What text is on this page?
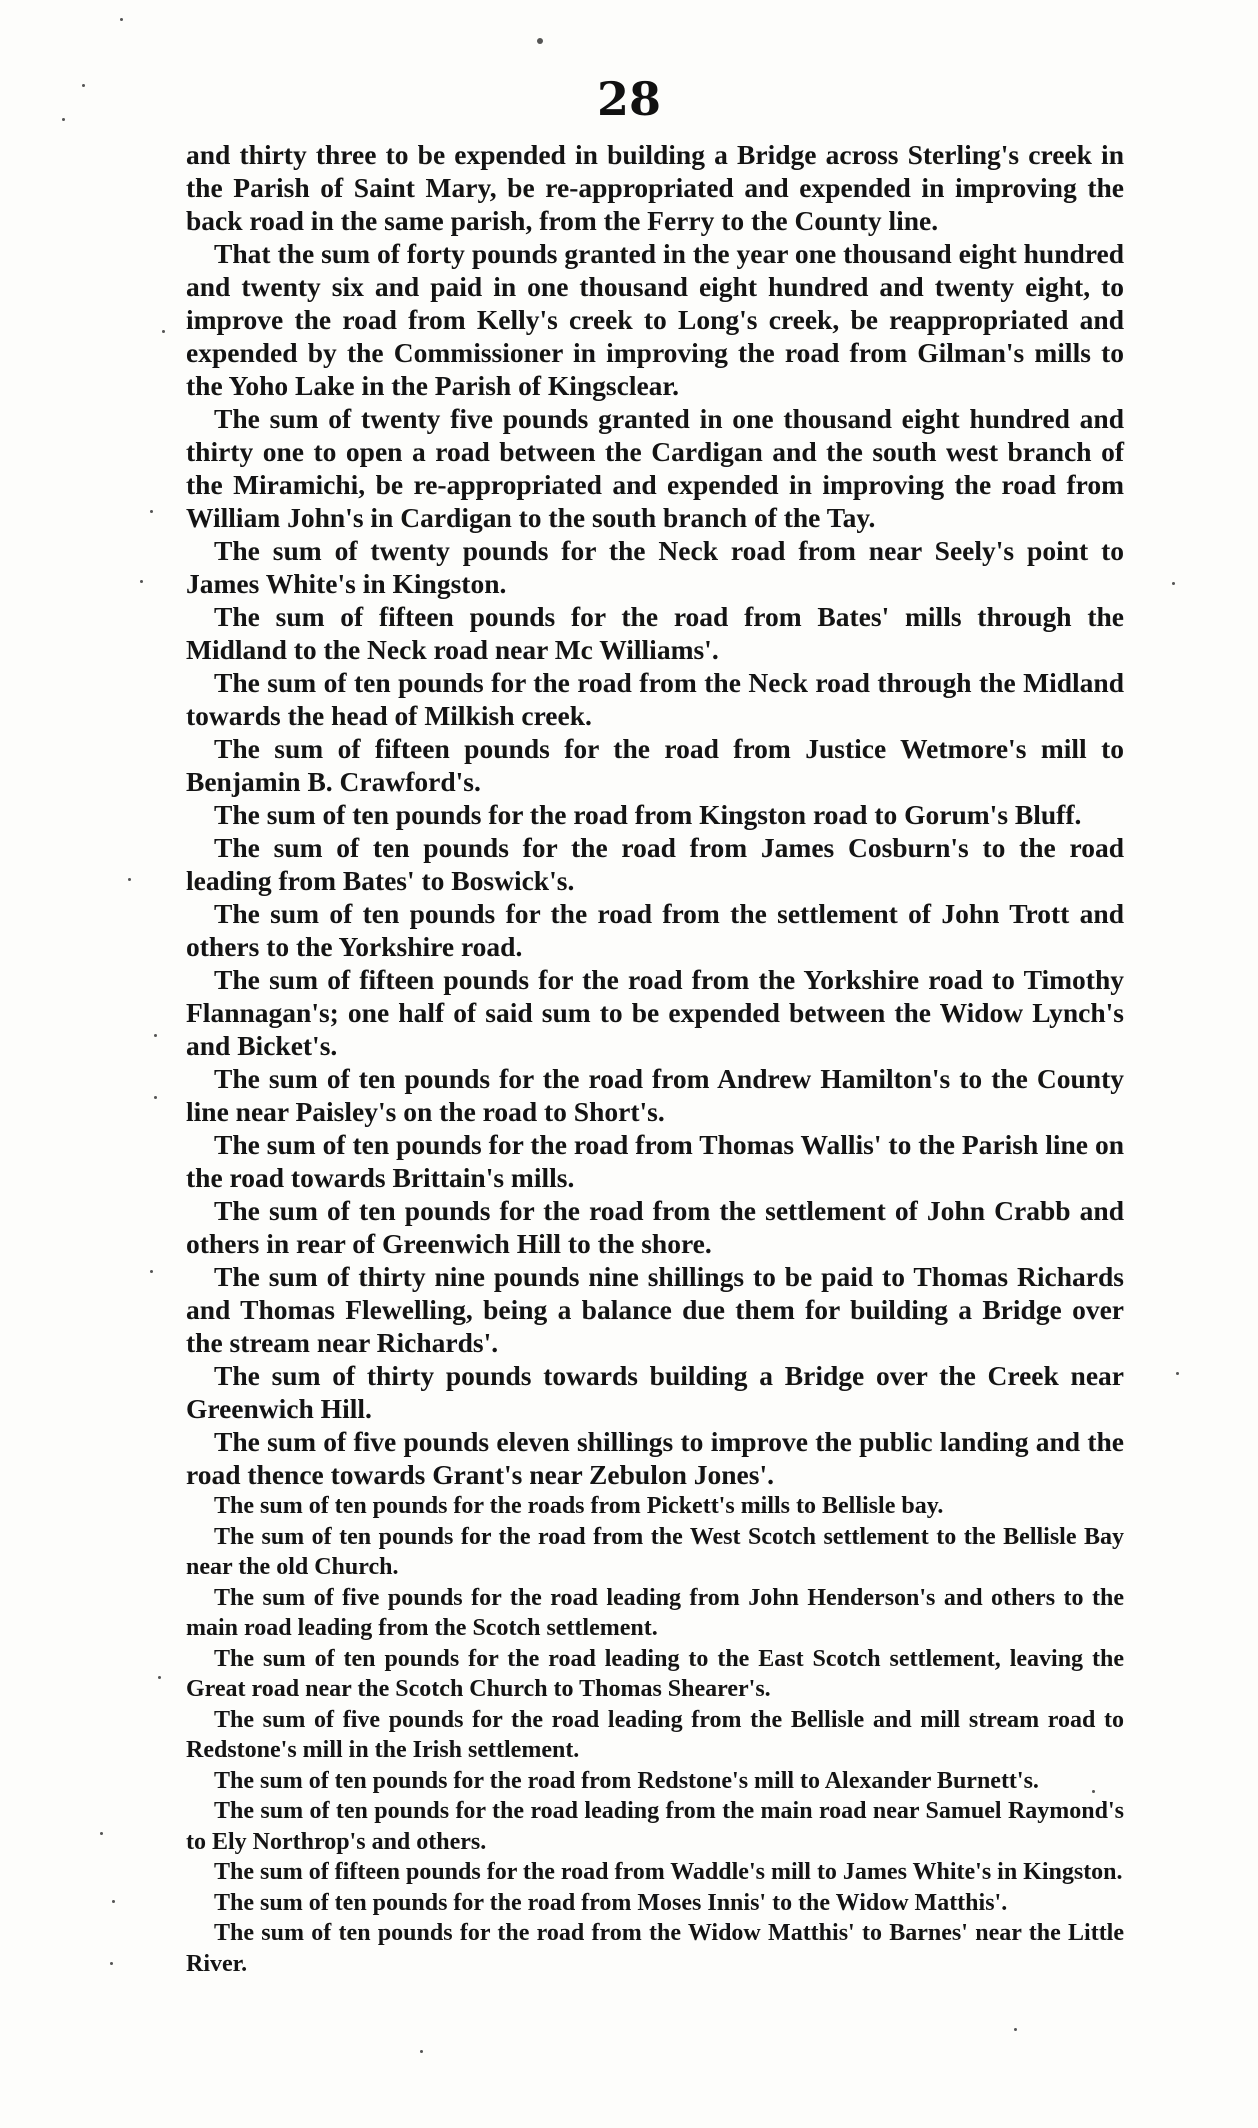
28

and thirty three to be expended in building a Bridge across Sterling's creek in the Parish of Saint Mary, be re-appropriated and expended in improving the back road in the same parish, from the Ferry to the County line.

That the sum of forty pounds granted in the year one thousand eight hundred and twenty six and paid in one thousand eight hundred and twenty eight, to improve the road from Kelly's creek to Long's creek, be reappropriated and expended by the Commissioner in improving the road from Gilman's mills to the Yoho Lake in the Parish of Kingsclear.

The sum of twenty five pounds granted in one thousand eight hundred and thirty one to open a road between the Cardigan and the south west branch of the Miramichi, be re-appropriated and expended in improving the road from William John's in Cardigan to the south branch of the Tay.

The sum of twenty pounds for the Neck road from near Seely's point to James White's in Kingston.

The sum of fifteen pounds for the road from Bates' mills through the Midland to the Neck road near Mc Williams'.

The sum of ten pounds for the road from the Neck road through the Midland towards the head of Milkish creek.

The sum of fifteen pounds for the road from Justice Wetmore's mill to Benjamin B. Crawford's.

The sum of ten pounds for the road from Kingston road to Gorum's Bluff.

The sum of ten pounds for the road from James Cosburn's to the road leading from Bates' to Boswick's.

The sum of ten pounds for the road from the settlement of John Trott and others to the Yorkshire road.

The sum of fifteen pounds for the road from the Yorkshire road to Timothy Flannagan's; one half of said sum to be expended between the Widow Lynch's and Bicket's.

The sum of ten pounds for the road from Andrew Hamilton's to the County line near Paisley's on the road to Short's.

The sum of ten pounds for the road from Thomas Wallis' to the Parish line on the road towards Brittain's mills.

The sum of ten pounds for the road from the settlement of John Crabb and others in rear of Greenwich Hill to the shore.

The sum of thirty nine pounds nine shillings to be paid to Thomas Richards and Thomas Flewelling, being a balance due them for building a Bridge over the stream near Richards'.

The sum of thirty pounds towards building a Bridge over the Creek near Greenwich Hill.

The sum of five pounds eleven shillings to improve the public landing and the road thence towards Grant's near Zebulon Jones'.

The sum of ten pounds for the roads from Pickett's mills to Bellisle bay.

The sum of ten pounds for the road from the West Scotch settlement to the Bellisle Bay near the old Church.

The sum of five pounds for the road leading from John Henderson's and others to the main road leading from the Scotch settlement.

The sum of ten pounds for the road leading to the East Scotch settlement, leaving the Great road near the Scotch Church to Thomas Shearer's.

The sum of five pounds for the road leading from the Bellisle and mill stream road to Redstone's mill in the Irish settlement.

The sum of ten pounds for the road from Redstone's mill to Alexander Burnett's.

The sum of ten pounds for the road leading from the main road near Samuel Raymond's to Ely Northrop's and others.

The sum of fifteen pounds for the road from Waddle's mill to James White's in Kingston.

The sum of ten pounds for the road from Moses Innis' to the Widow Matthis'.

The sum of ten pounds for the road from the Widow Matthis' to Barnes' near the Little River.
